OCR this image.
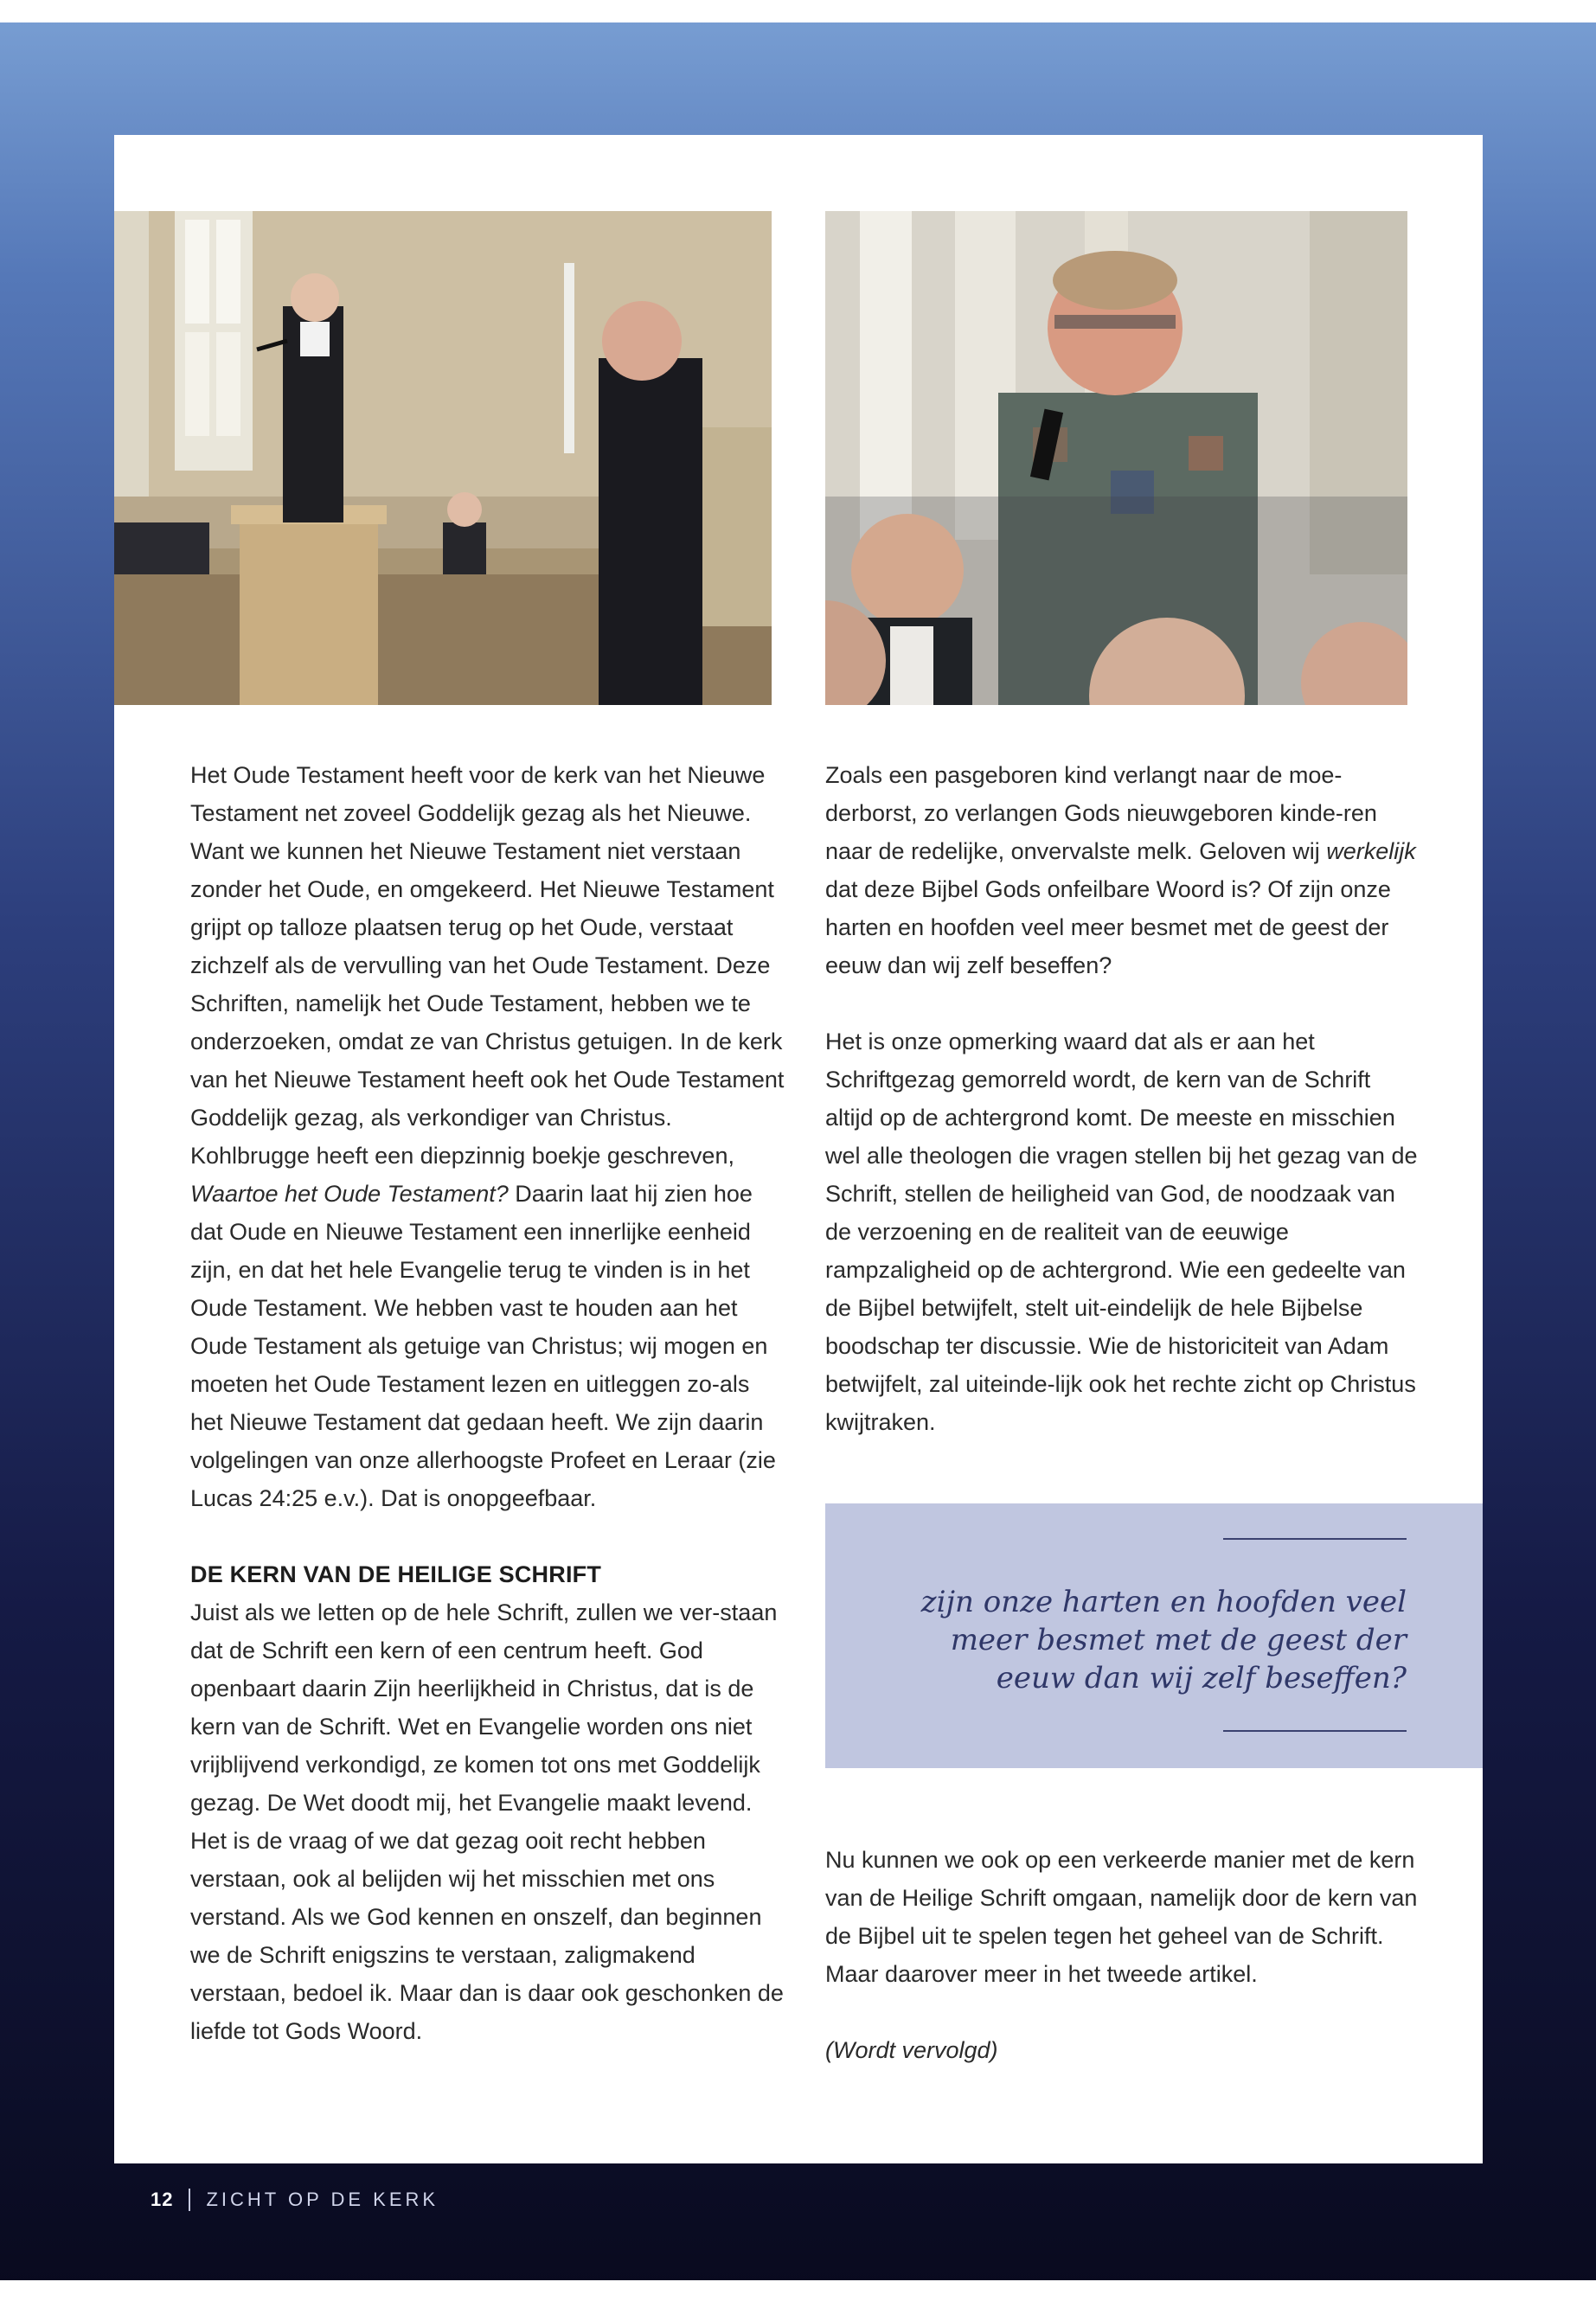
Het Oude Testament heeft voor de kerk van het Nieuwe Testament net zoveel Goddelijk gezag als het Nieuwe. Want we kunnen het Nieuwe Testament niet verstaan zonder het Oude, en omgekeerd. Het Nieuwe Testament grijpt op talloze plaatsen terug op het Oude, verstaat zichzelf als de vervulling van het Oude Testament. Deze Schriften, namelijk het Oude Testament, hebben we te onderzoeken, omdat ze van Christus getuigen. In de kerk van het Nieuwe Testament heeft ook het Oude Testament Goddelijk gezag, als verkondiger van Christus. Kohlbrugge heeft een diepzinnig boekje geschreven, Waartoe het Oude Testament? Daarin laat hij zien hoe dat Oude en Nieuwe Testament een innerlijke eenheid zijn, en dat het hele Evangelie terug te vinden is in het Oude Testament. We hebben vast te houden aan het Oude Testament als getuige van Christus; wij mogen en moeten het Oude Testament lezen en uitleggen zo-als het Nieuwe Testament dat gedaan heeft. We zijn daarin volgelingen van onze allerhoogste Profeet en Leraar (zie Lucas 24:25 e.v.). Dat is onopgeefbaar.

DE KERN VAN DE HEILIGE SCHRIFT

Juist als we letten op de hele Schrift, zullen we ver-staan dat de Schrift een kern of een centrum heeft. God openbaart daarin Zijn heerlijkheid in Christus, dat is de kern van de Schrift. Wet en Evangelie worden ons niet vrijblijvend verkondigd, ze komen tot ons met Goddelijk gezag. De Wet doodt mij, het Evangelie maakt levend. Het is de vraag of we dat gezag ooit recht hebben verstaan, ook al belijden wij het misschien met ons verstand. Als we God kennen en onszelf, dan beginnen we de Schrift enigszins te verstaan, zaligmakend verstaan, bedoel ik. Maar dan is daar ook geschonken de liefde tot Gods Woord.

Zoals een pasgeboren kind verlangt naar de moe-derborst, zo verlangen Gods nieuwgeboren kinde-ren naar de redelijke, onvervalste melk. Geloven wij werkelijk dat deze Bijbel Gods onfeilbare Woord is? Of zijn onze harten en hoofden veel meer besmet met de geest der eeuw dan wij zelf beseffen?

Het is onze opmerking waard dat als er aan het Schriftgezag gemorreld wordt, de kern van de Schrift altijd op de achtergrond komt. De meeste en misschien wel alle theologen die vragen stellen bij het gezag van de Schrift, stellen de heiligheid van God, de noodzaak van de verzoening en de realiteit van de eeuwige rampzaligheid op de achtergrond. Wie een gedeelte van de Bijbel betwijfelt, stelt uit-eindelijk de hele Bijbelse boodschap ter discussie. Wie de historiciteit van Adam betwijfelt, zal uiteinde-lijk ook het rechte zicht op Christus kwijtraken.

zijn onze harten en hoofden veel meer besmet met de geest der eeuw dan wij zelf beseffen?

Nu kunnen we ook op een verkeerde manier met de kern van de Heilige Schrift omgaan, namelijk door de kern van de Bijbel uit te spelen tegen het geheel van de Schrift. Maar daarover meer in het tweede artikel.

(Wordt vervolgd)

12 ZICHT OP DE KERK
